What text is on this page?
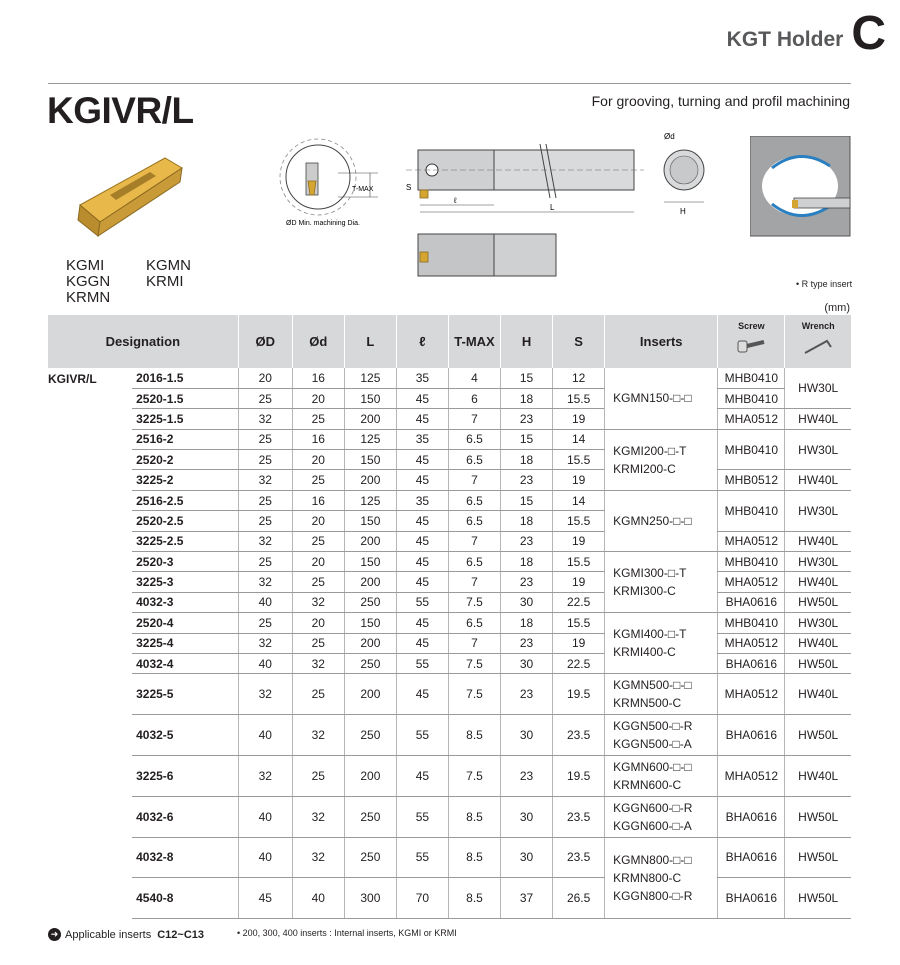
KGT Holder C
KGIVR/L	For grooving, turning and profil machining
KGMI
KGGN
KRMN
KGMN
KRMI
T-MAX
ØD Min. machining Dia.
ℓ
L
S
Ød
H
• R type insert
(mm)
Designation		ØD	Ød	L	ℓ	T-MAX	H	S	Inserts	Screw	Wrench

KGIVR/L	2016-1.5	20	16	125	35	4	15	12	KGMN150-□-□	MHB0410	HW30L
	2520-1.5	25	20	150	45	6	18	15.5		MHB0410	
	3225-1.5	32	25	200	45	7	23	19		MHA0512	HW40L
	2516-2	25	16	125	35	6.5	15	14	KGMI200-□-T
KRMI200-C	MHB0410	HW30L
	2520-2	25	20	150	45	6.5	18	15.5			
	3225-2	32	25	200	45	7	23	19		MHB0512	HW40L
	2516-2.5	25	16	125	35	6.5	15	14	KGMN250-□-□	MHB0410	HW30L
	2520-2.5	25	20	150	45	6.5	18	15.5			
	3225-2.5	32	25	200	45	7	23	19		MHA0512	HW40L
	2520-3	25	20	150	45	6.5	18	15.5	KGMI300-□-T
KRMI300-C	MHB0410	HW30L
	3225-3	32	25	200	45	7	23	19		MHA0512	HW40L
	4032-3	40	32	250	55	7.5	30	22.5		BHA0616	HW50L
	2520-4	25	20	150	45	6.5	18	15.5	KGMI400-□-T
KRMI400-C	MHB0410	HW30L
	3225-4	32	25	200	45	7	23	19		MHA0512	HW40L
	4032-4	40	32	250	55	7.5	30	22.5		BHA0616	HW50L
	3225-5	32	25	200	45	7.5	23	19.5	KGMN500-□-□
KRMN500-C	MHA0512	HW40L
	4032-5	40	32	250	55	8.5	30	23.5	KGGN500-□-R
KGGN500-□-A	BHA0616	HW50L
	3225-6	32	25	200	45	7.5	23	19.5	KGMN600-□-□
KRMN600-C	MHA0512	HW40L
	4032-6	40	32	250	55	8.5	30	23.5	KGGN600-□-R
KGGN600-□-A	BHA0616	HW50L
	4032-8	40	32	250	55	8.5	30	23.5	KGMN800-□-□
KRMN800-C
KGGN800-□-R	BHA0616	HW50L
	4540-8	45	40	300	70	8.5	37	26.5		BHA0616	HW50L
➜ Applicable inserts C12~C13	• 200, 300, 400 inserts : Internal inserts, KGMI or KRMI
